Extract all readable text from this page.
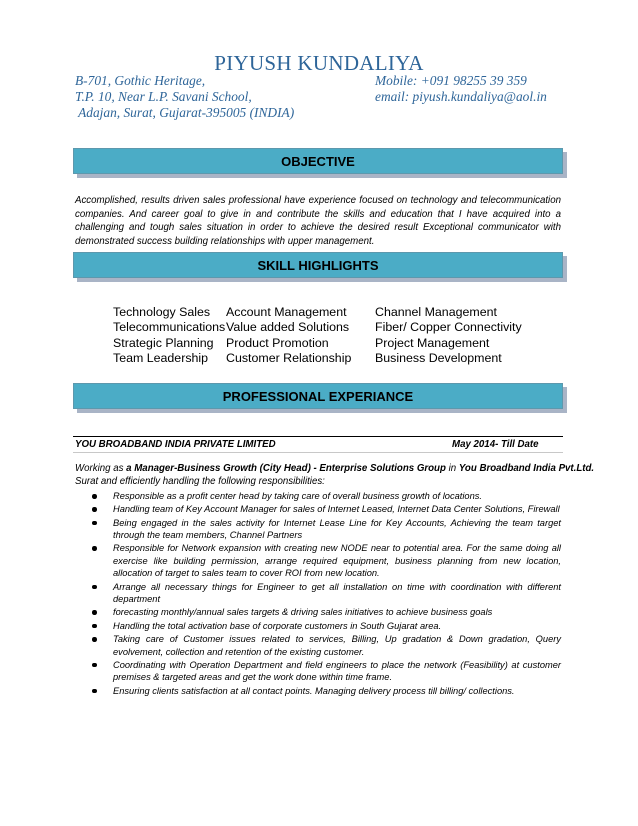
PIYUSH KUNDALIYA
B-701, Gothic Heritage,
T.P. 10, Near L.P. Savani School,
Adajan, Surat, Gujarat-395005 (INDIA)
Mobile: +091 98255 39 359
email: piyush.kundaliya@aol.in
OBJECTIVE
Accomplished, results driven sales professional have experience focused on technology and telecommunication companies. And career goal to give in and contribute the skills and education that I have acquired into a challenging and tough sales situation in order to achieve the desired result Exceptional communicator with demonstrated success building relationships with upper management.
SKILL HIGHLIGHTS
Technology Sales
Telecommunications
Strategic Planning
Team Leadership
Account Management
Value added Solutions
Product Promotion
Customer Relationship
Channel Management
Fiber/ Copper Connectivity
Project Management
Business Development
PROFESSIONAL EXPERIANCE
YOU BROADBAND INDIA PRIVATE LIMITED	May 2014- Till Date
Working as a Manager-Business Growth (City Head) - Enterprise Solutions Group in You Broadband India Pvt.Ltd.
Surat and efficiently handling the following responsibilities:
Responsible as a profit center head by taking care of overall business growth of locations.
Handling team of Key Account Manager for sales of Internet Leased, Internet Data Center Solutions, Firewall
Being engaged in the sales activity for Internet Lease Line for Key Accounts, Achieving the team target through the team members, Channel Partners
Responsible for Network expansion with creating new NODE near to potential area. For the same doing all exercise like building permission, arrange required equipment, business planning from new location, allocation of target to sales team to cover ROI from new location.
Arrange all necessary things for Engineer to get all installation on time with coordination with different department
forecasting monthly/annual sales targets & driving sales initiatives to achieve business goals
Handling the total activation base of corporate customers in South Gujarat area.
Taking care of Customer issues related to services, Billing, Up gradation & Down gradation, Query evolvement, collection and retention of the existing customer.
Coordinating with Operation Department and field engineers to place the network (Feasibility) at customer premises & targeted areas and get the work done within time frame.
Ensuring clients satisfaction at all contact points. Managing delivery process till billing/ collections.
